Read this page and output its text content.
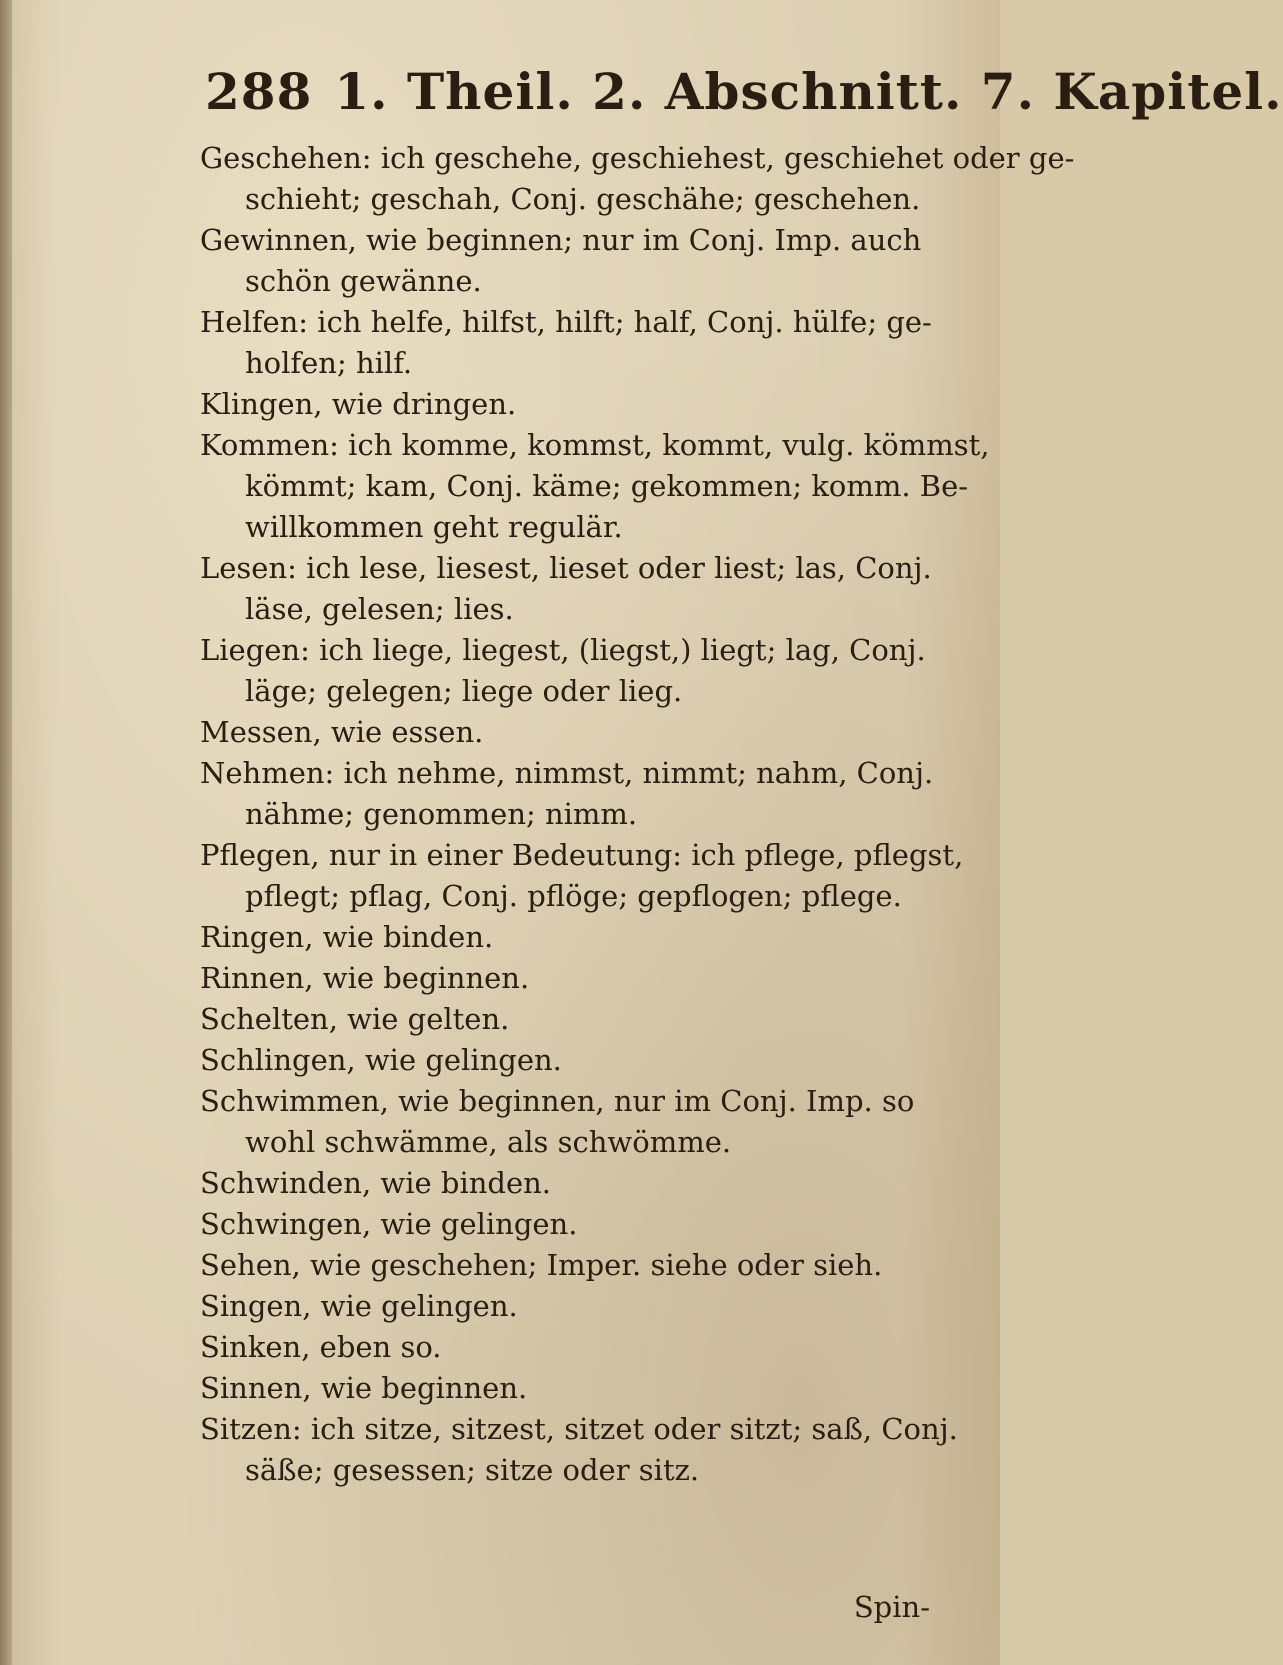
288 1. Theil. 2. Abschnitt. 7. Kapitel.
Geschehen: ich geschehe, geschiehest, geschiehet oder ge-
schieht; geschah, Conj. geschähe; geschehen.
Gewinnen, wie beginnen; nur im Conj. Imp. auch
schön gewänne.
Helfen: ich helfe, hilfst, hilft; half, Conj. hülfe; ge-
holfen; hilf.
Klingen, wie dringen.
Kommen: ich komme, kommst, kommt, vulg. kömmst,
kömmt; kam, Conj. käme; gekommen; komm. Be-
willkommen geht regulär.
Lesen: ich lese, liesest, lieset oder liest; las, Conj.
läse, gelesen; lies.
Liegen: ich liege, liegest, (liegst,) liegt; lag, Conj.
läge; gelegen; liege oder lieg.
Messen, wie essen.
Nehmen: ich nehme, nimmst, nimmt; nahm, Conj.
nähme; genommen; nimm.
Pflegen, nur in einer Bedeutung: ich pflege, pflegst,
pflegt; pflag, Conj. pflöge; gepflogen; pflege.
Ringen, wie binden.
Rinnen, wie beginnen.
Schelten, wie gelten.
Schlingen, wie gelingen.
Schwimmen, wie beginnen, nur im Conj. Imp. so
wohl schwämme, als schwömme.
Schwinden, wie binden.
Schwingen, wie gelingen.
Sehen, wie geschehen; Imper. siehe oder sieh.
Singen, wie gelingen.
Sinken, eben so.
Sinnen, wie beginnen.
Sitzen: ich sitze, sitzest, sitzet oder sitzt; saß, Conj.
säße; gesessen; sitze oder sitz.
Spin-
